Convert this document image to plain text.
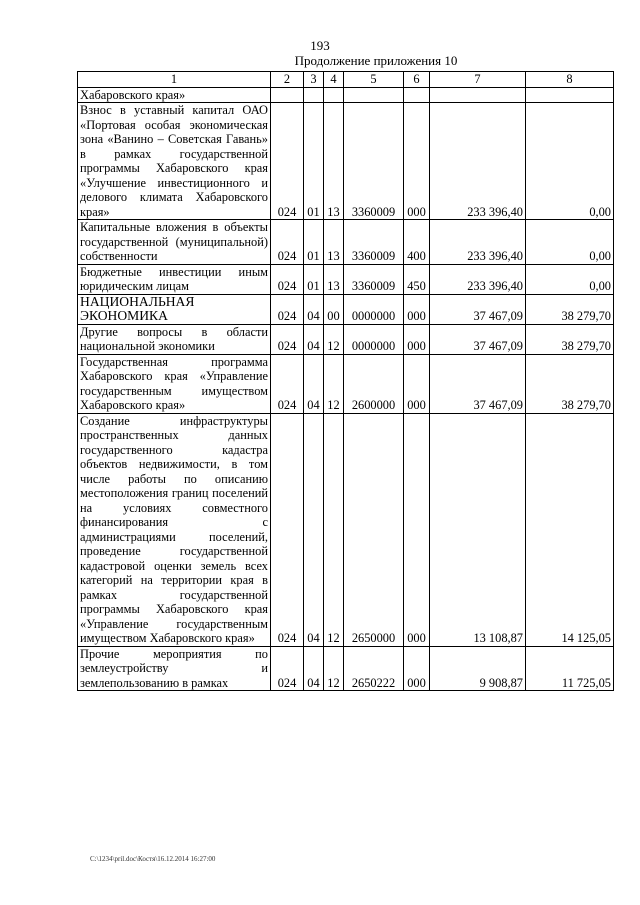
193
Продолжение приложения 10
1	2	3	4	5	6	7	8
Хабаровского края»							
Взнос в уставный капитал ОАО «Портовая особая экономическая зона «Ванино – Советская Гавань» в рамках государственной программы Хабаровского края «Улучшение инвестиционного и делового климата Хабаровского края»	024	01	13	3360009	000	233 396,40	0,00
Капитальные вложения в объекты государственной (муниципальной) собственности	024	01	13	3360009	400	233 396,40	0,00
Бюджетные инвестиции иным юридическим лицам	024	01	13	3360009	450	233 396,40	0,00
НАЦИОНАЛЬНАЯ ЭКОНОМИКА	024	04	00	0000000	000	37 467,09	38 279,70
Другие вопросы в области национальной экономики	024	04	12	0000000	000	37 467,09	38 279,70
Государственная программа Хабаровского края «Управление государственным имуществом Хабаровского края»	024	04	12	2600000	000	37 467,09	38 279,70
Создание инфраструктуры пространственных данных государственного кадастра объектов недвижимости, в том числе работы по описанию местоположения границ поселений на условиях совместного финансирования с администрациями поселений, проведение государственной кадастровой оценки земель всех категорий на территории края в рамках государственной программы Хабаровского края «Управление государственным имуществом Хабаровского края»	024	04	12	2650000	000	13 108,87	14 125,05
Прочие мероприятия по землеустройству и землепользованию в рамках	024	04	12	2650222	000	9 908,87	11 725,05
C:\1234\pril.doc\Костя\16.12.2014 16:27:00
